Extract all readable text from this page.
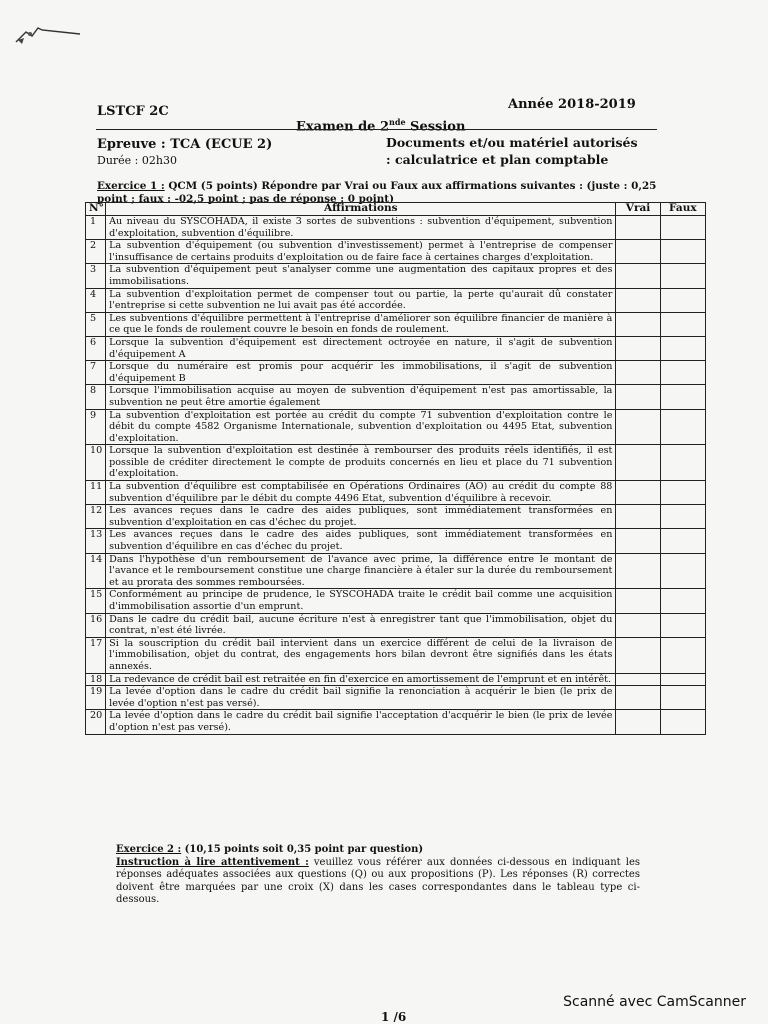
LSTCF 2C	Année 2018-2019
Examen de 2nde Session
Epreuve : TCA (ECUE 2)
Durée : 02h30
Documents et/ou matériel autorisés : calculatrice et plan comptable
Exercice 1 : QCM (5 points) Répondre par Vrai ou Faux aux affirmations suivantes : (juste : 0,25 point ; faux : -02,5 point ; pas de réponse : 0 point)
N°	Affirmations	Vrai	Faux
1	Au niveau du SYSCOHADA, il existe 3 sortes de subventions : subvention d'équipement, subvention d'exploitation, subvention d'équilibre.		
2	La subvention d'équipement (ou subvention d'investissement) permet à l'entreprise de compenser l'insuffisance de certains produits d'exploitation ou de faire face à certaines charges d'exploitation.		
3	La subvention d'équipement peut s'analyser comme une augmentation des capitaux propres et des immobilisations.		
4	La subvention d'exploitation permet de compenser tout ou partie, la perte qu'aurait dû constater l'entreprise si cette subvention ne lui avait pas été accordée.		
5	Les subventions d'équilibre permettent à l'entreprise d'améliorer son équilibre financier de manière à ce que le fonds de roulement couvre le besoin en fonds de roulement.		
6	Lorsque la subvention d'équipement est directement octroyée en nature, il s'agit de subvention d'équipement A		
7	Lorsque du numéraire est promis pour acquérir les immobilisations, il s'agit de subvention d'équipement B		
8	Lorsque l'immobilisation acquise au moyen de subvention d'équipement n'est pas amortissable, la subvention ne peut être amortie également		
9	La subvention d'exploitation est portée au crédit du compte 71 subvention d'exploitation contre le débit du compte 4582 Organisme Internationale, subvention d'exploitation ou 4495 Etat, subvention d'exploitation.		
10	Lorsque la subvention d'exploitation est destinée à rembourser des produits réels identifiés, il est possible de créditer directement le compte de produits concernés en lieu et place du 71 subvention d'exploitation.		
11	La subvention d'équilibre est comptabilisée en Opérations Ordinaires (AO) au crédit du compte 88 subvention d'équilibre par le débit du compte 4496 Etat, subvention d'équilibre à recevoir.		
12	Les avances reçues dans le cadre des aides publiques, sont immédiatement transformées en subvention d'exploitation en cas d'échec du projet.		
13	Les avances reçues dans le cadre des aides publiques, sont immédiatement transformées en subvention d'équilibre en cas d'échec du projet.		
14	Dans l'hypothèse d'un remboursement de l'avance avec prime, la différence entre le montant de l'avance et le remboursement constitue une charge financière à étaler sur la durée du remboursement et au prorata des sommes remboursées.		
15	Conformément au principe de prudence, le SYSCOHADA traite le crédit bail comme une acquisition d'immobilisation assortie d'un emprunt.		
16	Dans le cadre du crédit bail, aucune écriture n'est à enregistrer tant que l'immobilisation, objet du contrat, n'est été livrée.		
17	Si la souscription du crédit bail intervient dans un exercice différent de celui de la livraison de l'immobilisation, objet du contrat, des engagements hors bilan devront être signifiés dans les états annexés.		
18	La redevance de crédit bail est retraitée en fin d'exercice en amortissement de l'emprunt et en intérêt.		
19	La levée d'option dans le cadre du crédit bail signifie la renonciation à acquérir le bien (le prix de levée d'option n'est pas versé).		
20	La levée d'option dans le cadre du crédit bail signifie l'acceptation d'acquérir le bien (le prix de levée d'option n'est pas versé).		

Exercice 2 : (10,15 points soit 0,35 point par question)

Instruction à lire attentivement : veuillez vous référer aux données ci-dessous en indiquant les réponses adéquates associées aux questions (Q) ou aux propositions (P). Les réponses (R) correctes doivent être marquées par une croix (X) dans les cases correspondantes dans le tableau type ci-dessous.

1 /6
Scanné avec CamScanner
